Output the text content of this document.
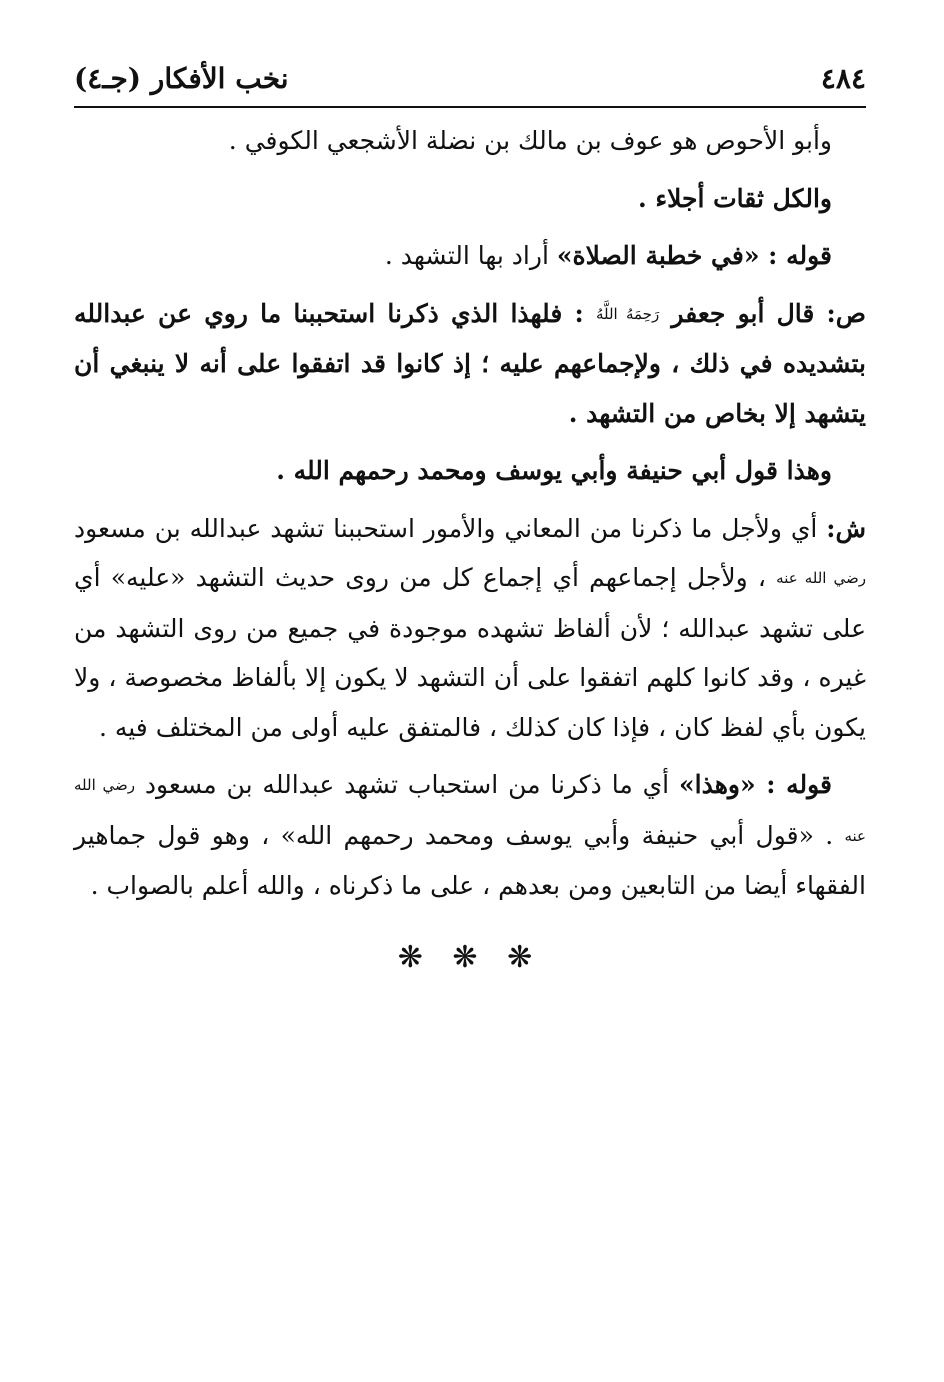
٤٨٤
نخب الأفكار (جـ٤)

وأبو الأحوص هو عوف بن مالك بن نضلة الأشجعي الكوفي .

والكل ثقات أجلاء .

قوله : «في خطبة الصلاة» أراد بها التشهد .

ص: قال أبو جعفر رَحِمَهُ اللَّهُ : فلهذا الذي ذكرنا استحببنا ما روي عن عبدالله بتشديده في ذلك ، ولإجماعهم عليه ؛ إذ كانوا قد اتفقوا على أنه لا ينبغي أن يتشهد إلا بخاص من التشهد .

وهذا قول أبي حنيفة وأبي يوسف ومحمد رحمهم الله .

ش: أي ولأجل ما ذكرنا من المعاني والأمور استحببنا تشهد عبدالله بن مسعود رضي الله عنه ، ولأجل إجماعهم أي إجماع كل من روى حديث التشهد «عليه» أي على تشهد عبدالله ؛ لأن ألفاظ تشهده موجودة في جميع من روى التشهد من غيره ، وقد كانوا كلهم اتفقوا على أن التشهد لا يكون إلا بألفاظ مخصوصة ، ولا يكون بأي لفظ كان ، فإذا كان كذلك ، فالمتفق عليه أولى من المختلف فيه .

قوله : «وهذا» أي ما ذكرنا من استحباب تشهد عبدالله بن مسعود رضي الله عنه . «قول أبي حنيفة وأبي يوسف ومحمد رحمهم الله» ، وهو قول جماهير الفقهاء أيضا من التابعين ومن بعدهم ، على ما ذكرناه ، والله أعلم بالصواب .

❋ ❋ ❋
